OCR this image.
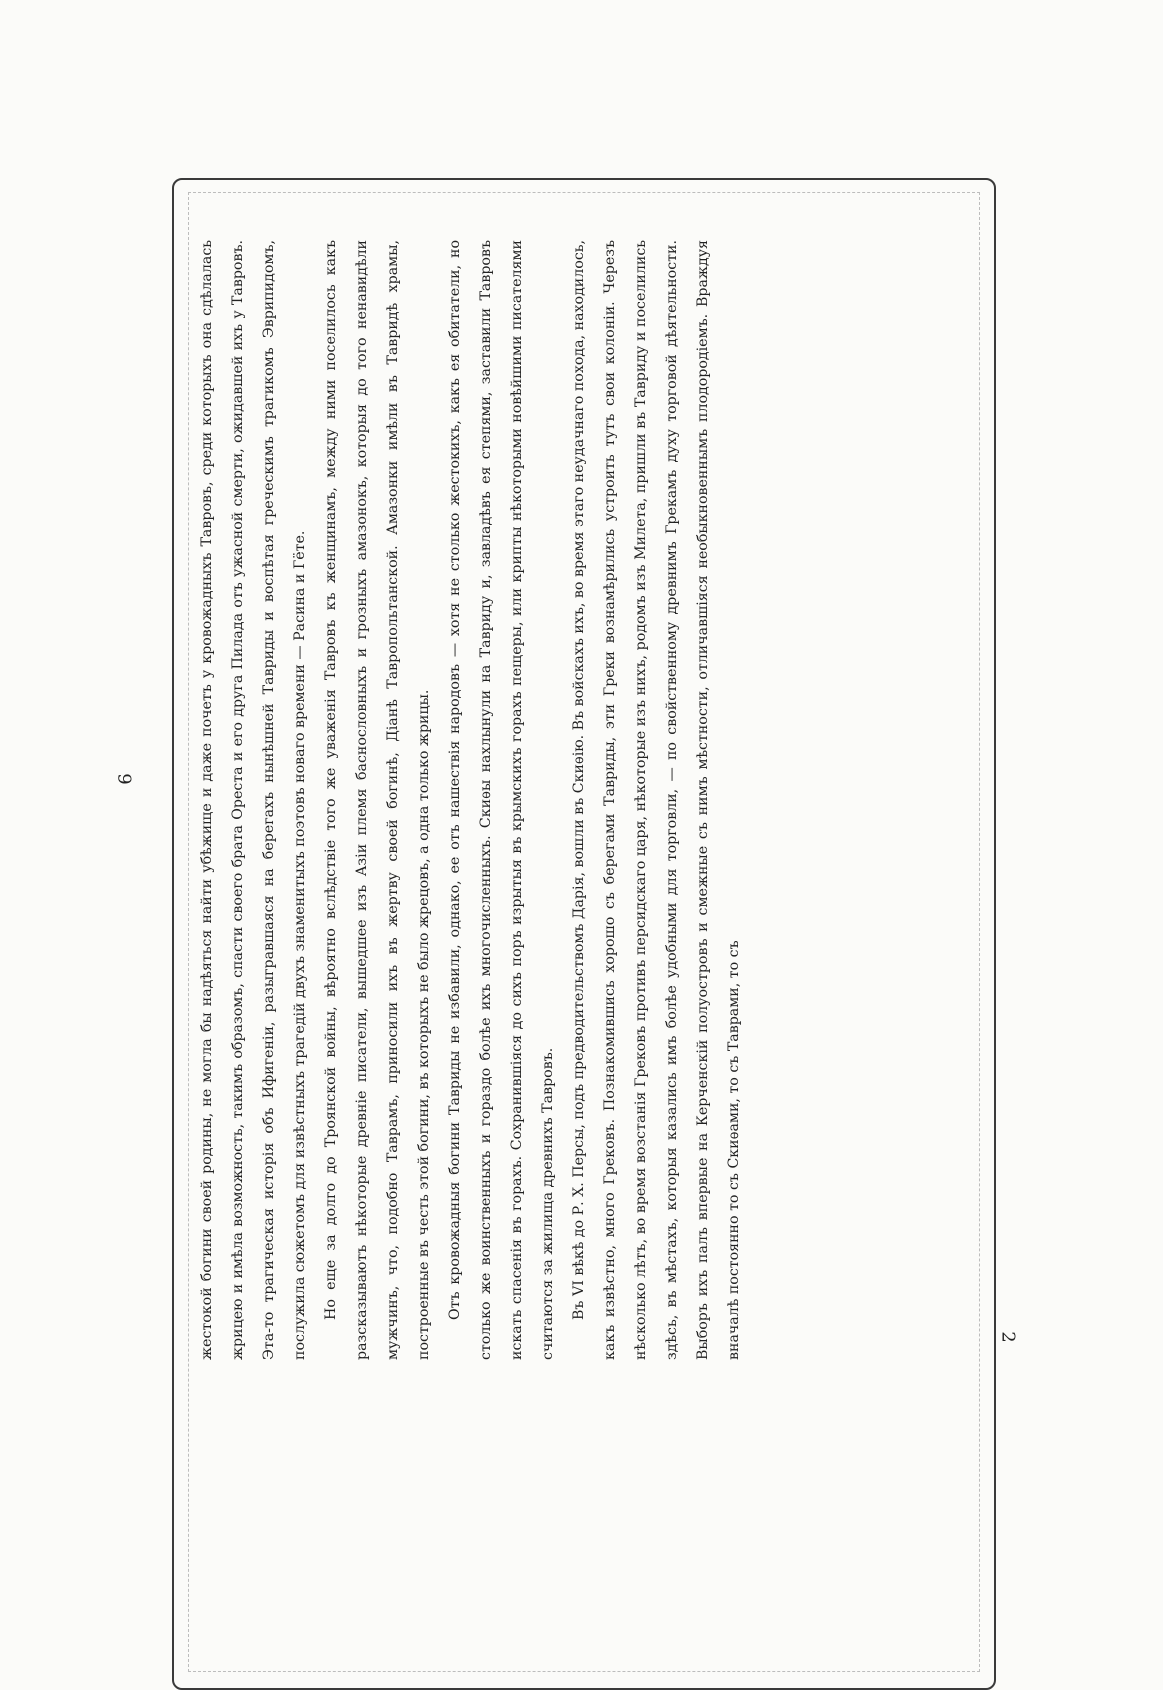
9
2

жестокой богини своей родины, не могла бы надѣяться найти убѣжище и даже почетъ у кровожадныхъ Тавровъ, среди которыхъ она сдѣлалась жрицею и имѣла возможность, такимъ образомъ, спасти своего брата Ореста и его друга Пилада отъ ужасной смерти, ожидавшей ихъ у Тавровъ. Эта-то трагическая исторія объ Ифигеніи, разыгравшаяся на берегахъ нынѣшней Тавриды и воспѣтая греческимъ трагикомъ Эврипидомъ, послужила сюжетомъ для извѣстныхъ трагедій двухъ знаменитыхъ поэтовъ новаго времени — Расина и Гёте.	Но еще за долго до Троянской войны, вѣроятно вслѣдствіе того же уваженія Тавровъ къ женщинамъ, между ними поселилось какъ разсказываютъ нѣкоторые древніе писатели, вышедшее изъ Азіи племя баснословныхъ и грозныхъ амазонокъ, которыя до того ненавидѣли мужчинъ, что, подобно Таврамъ, приносили ихъ въ жертву своей богинѣ, Діанѣ Тавропольтанской. Амазонки имѣли въ Тавридѣ храмы, построенные въ честь этой богини, въ которыхъ не было жрецовъ, а одна только жрицы.	Отъ кровожадныя богини Тавриды не избавили, однако, ее отъ нашествія народовъ — хотя не столько жестокихъ, какъ ея обитатели, но столько же воинственныхъ и гораздо болѣе ихъ многочисленныхъ. Скиѳы нахлынули на Тавриду и, завладѣвъ ея степями, заставили Тавровъ искать спасенія въ горахъ. Сохранившіяся до сихъ поръ изрытыя въ крымскихъ горахъ пещеры, или крипты нѣкоторыми новѣйшими писателями считаются за жилища древнихъ Тавровъ.	Въ VI вѣкѣ до Р. Х. Персы, подъ предводительствомъ Дарія, вошли въ Скиѳію. Въ войскахъ ихъ, во время этаго неудачнаго похода, находилось, какъ извѣстно, много Грековъ. Познакомившись хорошо съ берегами Тавриды, эти Греки вознамѣрились устроить тутъ свои колоніи. Черезъ нѣсколько лѣтъ, во время возстанія Грековъ противъ персидскаго царя, нѣкоторые изъ нихъ, родомъ изъ Милета, пришли въ Тавриду и поселились здѣсь, въ мѣстахъ, которыя казались имъ болѣе удобными для торговли, — по свойственному древнимъ Грекамъ духу торговой дѣятельности. Выборъ ихъ палъ впервые на Керченскій полуостровъ и смежные съ нимъ мѣстности, отличавшіяся необыкновеннымъ плодородіемъ. Враждуя вначалѣ постоянно то съ Скиѳами, то съ Таврами, то съ
